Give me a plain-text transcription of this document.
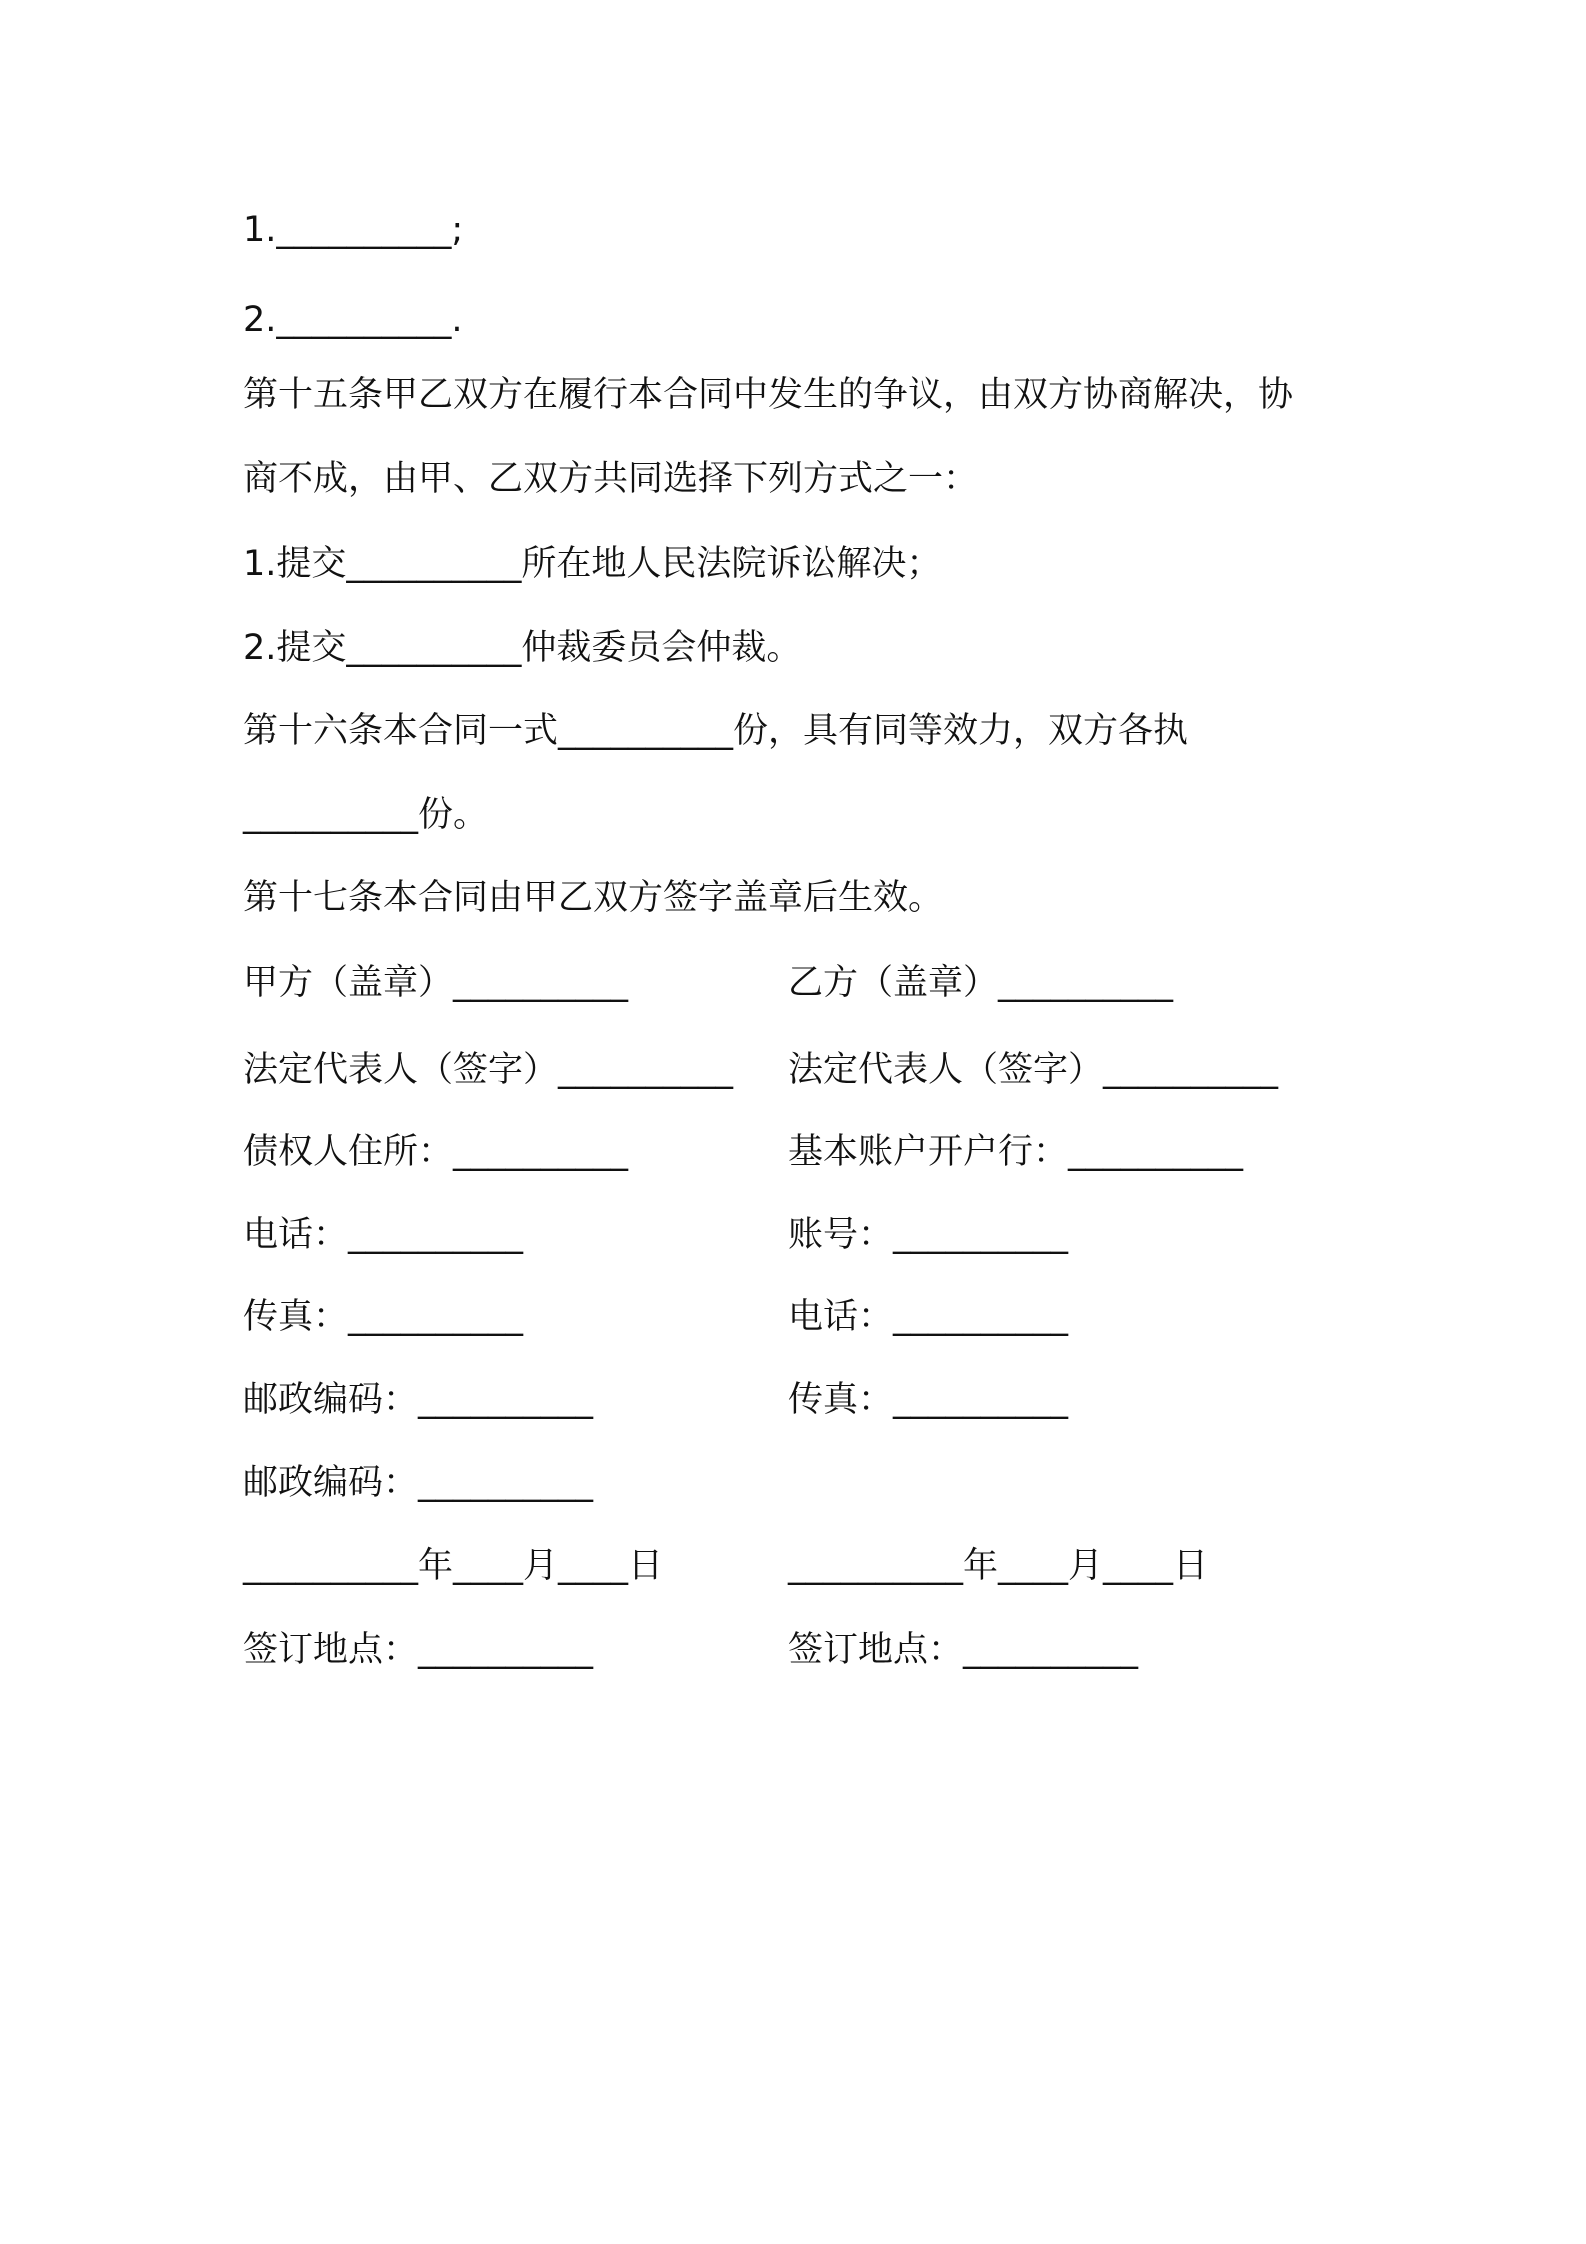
1.__________;
2.__________.
第十五条甲乙双方在履行本合同中发生的争议，由双方协商解决，协
商不成，由甲、乙双方共同选择下列方式之一：
1.提交__________所在地人民法院诉讼解决；
2.提交__________仲裁委员会仲裁。
第十六条本合同一式__________份，具有同等效力，双方各执
__________份。
第十七条本合同由甲乙双方签字盖章后生效。
甲方（盖章）__________	乙方（盖章）__________
法定代表人（签字）__________ 法定代表人（签字）__________
债权人住所：__________	基本账户开户行：__________
电话：__________	账号：__________
传真：__________	电话：__________
邮政编码：__________	传真：__________
邮政编码：__________
__________年____月____日	__________年____月____日
签订地点：__________	签订地点：__________
